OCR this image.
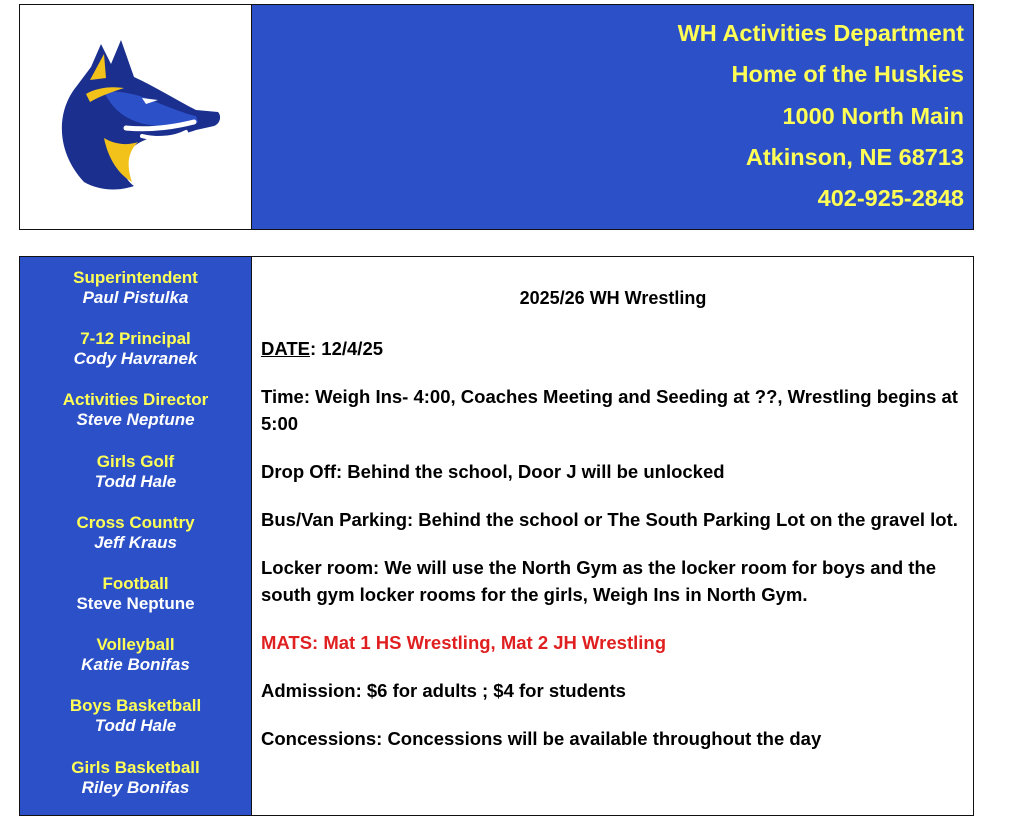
WH Activities Department
Home of the Huskies
1000 North Main
Atkinson, NE 68713
402-925-2848
Superintendent
Paul Pistulka
7-12 Principal
Cody Havranek
Activities Director
Steve Neptune
Girls Golf
Todd Hale
Cross Country
Jeff Kraus
Football
Steve Neptune
Volleyball
Katie Bonifas
Boys Basketball
Todd Hale
Girls Basketball
Riley Bonifas
2025/26 WH Wrestling
DATE: 12/4/25
Time: Weigh Ins- 4:00, Coaches Meeting and Seeding at ??, Wrestling begins at 5:00
Drop Off: Behind the school, Door J will be unlocked
Bus/Van Parking: Behind the school or The South Parking Lot on the gravel lot.
Locker room: We will use the North Gym as the locker room for boys and the south gym locker rooms for the girls, Weigh Ins in North Gym.
MATS: Mat 1 HS Wrestling, Mat 2 JH Wrestling
Admission: $6 for adults ; $4 for students
Concessions: Concessions will be available throughout the day
